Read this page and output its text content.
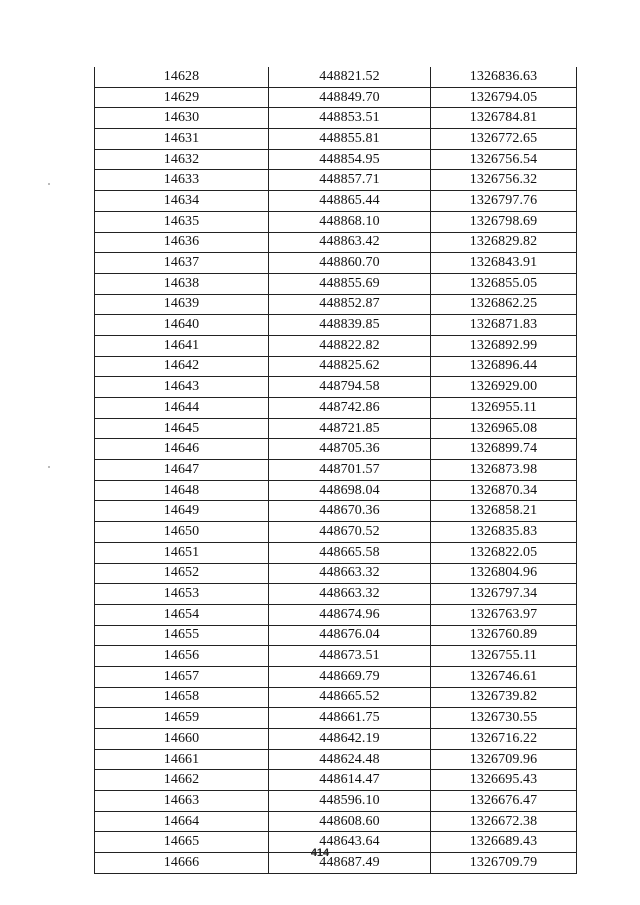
14628	448821.52	1326836.63
14629	448849.70	1326794.05
14630	448853.51	1326784.81
14631	448855.81	1326772.65
14632	448854.95	1326756.54
14633	448857.71	1326756.32
14634	448865.44	1326797.76
14635	448868.10	1326798.69
14636	448863.42	1326829.82
14637	448860.70	1326843.91
14638	448855.69	1326855.05
14639	448852.87	1326862.25
14640	448839.85	1326871.83
14641	448822.82	1326892.99
14642	448825.62	1326896.44
14643	448794.58	1326929.00
14644	448742.86	1326955.11
14645	448721.85	1326965.08
14646	448705.36	1326899.74
14647	448701.57	1326873.98
14648	448698.04	1326870.34
14649	448670.36	1326858.21
14650	448670.52	1326835.83
14651	448665.58	1326822.05
14652	448663.32	1326804.96
14653	448663.32	1326797.34
14654	448674.96	1326763.97
14655	448676.04	1326760.89
14656	448673.51	1326755.11
14657	448669.79	1326746.61
14658	448665.52	1326739.82
14659	448661.75	1326730.55
14660	448642.19	1326716.22
14661	448624.48	1326709.96
14662	448614.47	1326695.43
14663	448596.10	1326676.47
14664	448608.60	1326672.38
14665	448643.64	1326689.43
14666	448687.49	1326709.79
414
